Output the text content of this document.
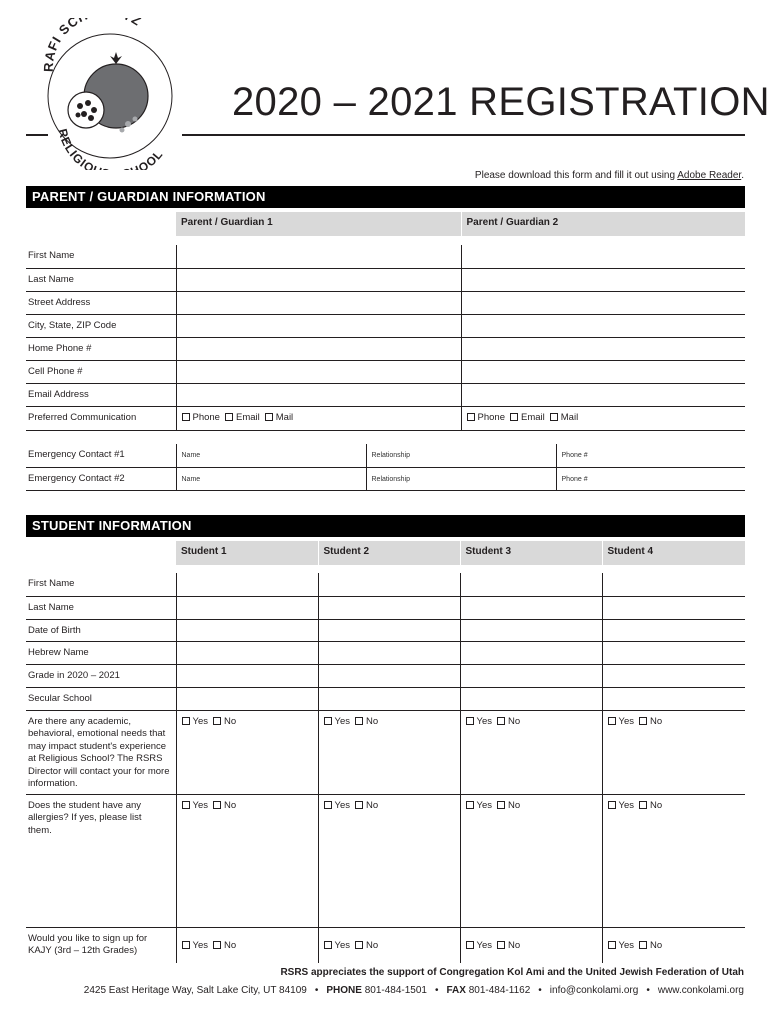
RAFI SC Z
RELIGIO OOL
2020 – 2021 REGISTRATION
Please download this form and fill it out using Adobe Reader.
PARENT / GUARDIAN INFORMATION
	Parent / Guardian 1		Parent / Guardian 2	

First Name				
Last Name				
Street Address				
City, State, ZIP Code				
Home Phone #				
Cell Phone #				
Email Address				
Preferred Communication	Phone Email Mail		Phone Email Mail	

Emergency Contact #1	Name	Relationship		Phone #
Emergency Contact #2	Name	Relationship		Phone #
STUDENT INFORMATION
	Student 1	Student 2	Student 3	Student 4

First Name				
Last Name				
Date of Birth				
Hebrew Name				
Grade in 2020 – 2021				
Secular School				
Are there any academic, behavioral, emotional needs that may impact student's experience at Religious School? The RSRS Director will contact your for more information.	Yes No	Yes No	Yes No	Yes No
Does the student have any allergies? If yes, please list them.	Yes No	Yes No	Yes No	Yes No
Would you like to sign up for KAJY (3rd – 12th Grades)	Yes No	Yes No	Yes No	Yes No
RSRS appreciates the support of Congregation Kol Ami and the United Jewish Federation of Utah
2425 East Heritage Way, Salt Lake City, UT 84109 • PHONE 801-484-1501 • FAX 801-484-1162 • info@conkolami.org • www.conkolami.org
